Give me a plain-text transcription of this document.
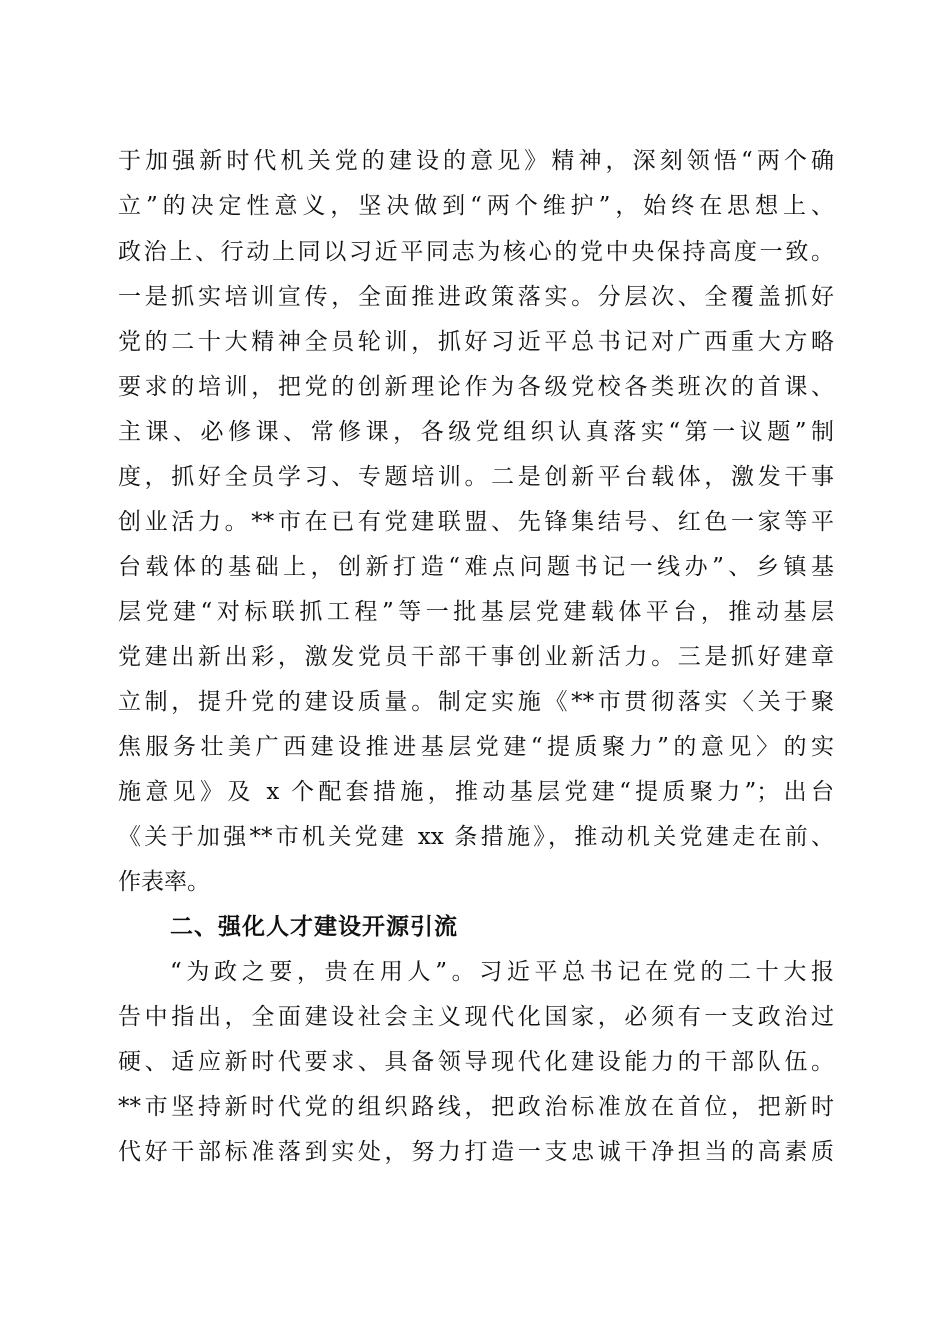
于加强新时代机关党的建设的意见》精神，深刻领悟“两个确
立”的决定性意义，坚决做到“两个维护”，始终在思想上、
政治上、行动上同以习近平同志为核心的党中央保持高度一致。
一是抓实培训宣传，全面推进政策落实。分层次、全覆盖抓好
党的二十大精神全员轮训，抓好习近平总书记对广西重大方略
要求的培训，把党的创新理论作为各级党校各类班次的首课、
主课、必修课、常修课，各级党组织认真落实“第一议题”制
度，抓好全员学习、专题培训。二是创新平台载体，激发干事
创业活力。**市在已有党建联盟、先锋集结号、红色一家等平
台载体的基础上，创新打造“难点问题书记一线办”、乡镇基
层党建“对标联抓工程”等一批基层党建载体平台，推动基层
党建出新出彩，激发党员干部干事创业新活力。三是抓好建章
立制，提升党的建设质量。制定实施《**市贯彻落实〈关于聚
焦服务壮美广西建设推进基层党建“提质聚力”的意见〉的实
施意见》及 x 个配套措施，推动基层党建“提质聚力”；出台
《关于加强**市机关党建 xx 条措施》，推动机关党建走在前、
作表率。
二、强化人才建设开源引流
“为政之要，贵在用人”。习近平总书记在党的二十大报
告中指出，全面建设社会主义现代化国家，必须有一支政治过
硬、适应新时代要求、具备领导现代化建设能力的干部队伍。
**市坚持新时代党的组织路线，把政治标准放在首位，把新时
代好干部标准落到实处，努力打造一支忠诚干净担当的高素质
